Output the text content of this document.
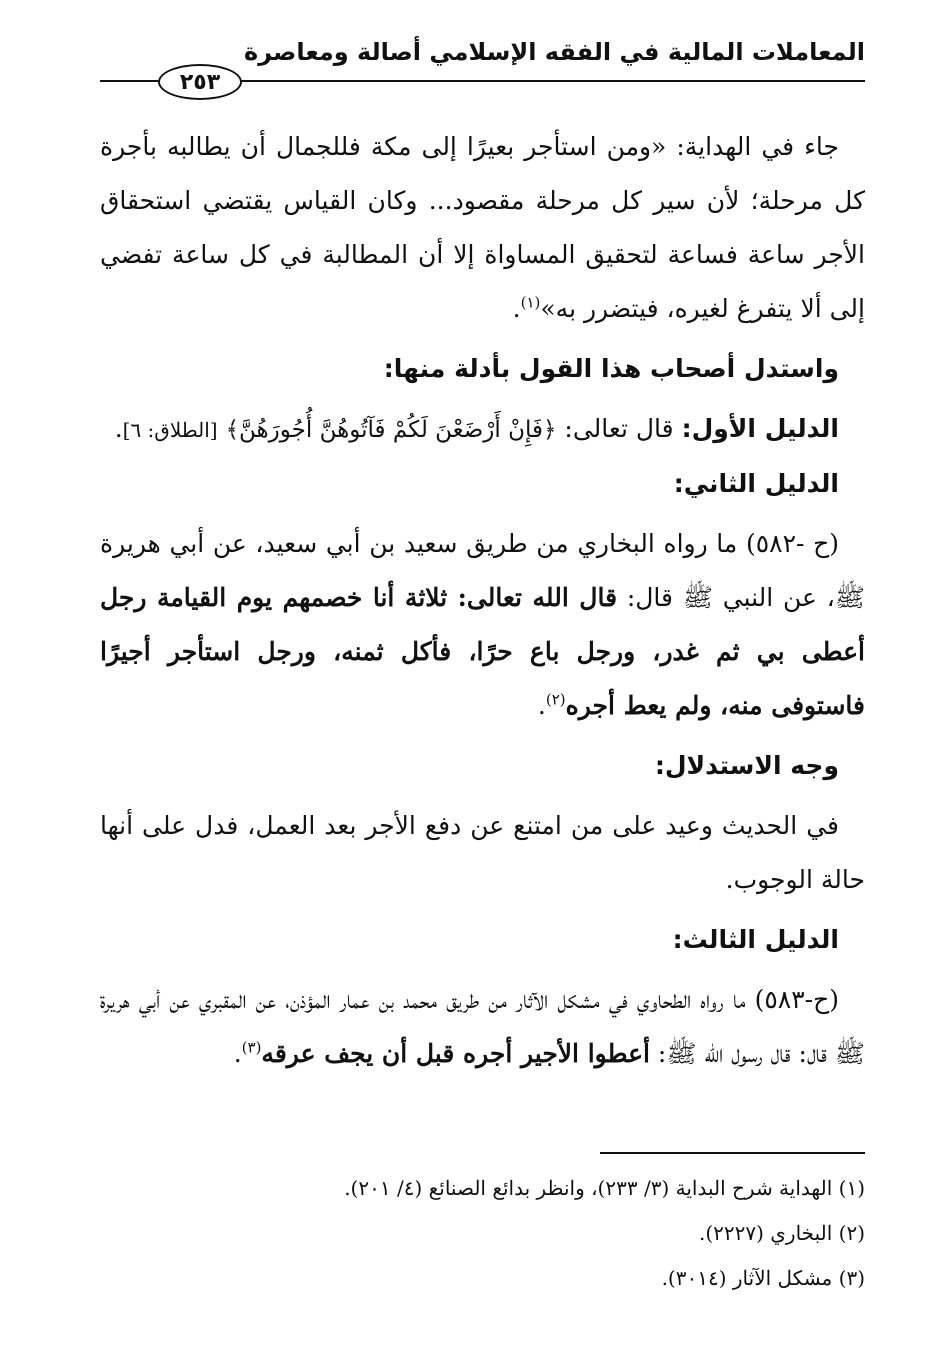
المعاملات المالية في الفقه الإسلامي أصالة ومعاصرة
٢٥٣

جاء في الهداية: «ومن استأجر بعيرًا إلى مكة فللجمال أن يطالبه بأجرة كل مرحلة؛ لأن سير كل مرحلة مقصود... وكان القياس يقتضي استحقاق الأجر ساعة فساعة لتحقيق المساواة إلا أن المطالبة في كل ساعة تفضي إلى ألا يتفرغ لغيره، فيتضرر به»$^{(١)}$.

واستدل أصحاب هذا القول بأدلة منها:

الدليل الأول: قال تعالى: ﴿فَإِنْ أَرْضَعْنَ لَكُمْ فَآتُوهُنَّ أُجُورَهُنَّ﴾ [الطلاق: ٦].

الدليل الثاني:

(ح -٥٨٢) ما رواه البخاري من طريق سعيد بن أبي سعيد، عن أبي هريرة ﷺ، عن النبي ﷺ قال: قال الله تعالى: ثلاثة أنا خصمهم يوم القيامة رجل أعطى بي ثم غدر، ورجل باع حرًا، فأكل ثمنه، ورجل استأجر أجيرًا فاستوفى منه، ولم يعط أجره$^{(٢)}$.

وجه الاستدلال:

في الحديث وعيد على من امتنع عن دفع الأجر بعد العمل، فدل على أنها حالة الوجوب.

الدليل الثالث:

(ح-٥٨٣) ما رواه الطحاوي في مشكل الآثار من طريق محمد بن عمار المؤذن، عن المقبري عن أبي هريرة ﷺ قال: قال رسول الله ﷺ: أعطوا الأجير أجره قبل أن يجف عرقه$^{(٣)}$.

(١) الهداية شرح البداية (٣/ ٢٣٣)، وانظر بدائع الصنائع (٤/ ٢٠١).

(٢) البخاري (٢٢٢٧).

(٣) مشكل الآثار (٣٠١٤).
